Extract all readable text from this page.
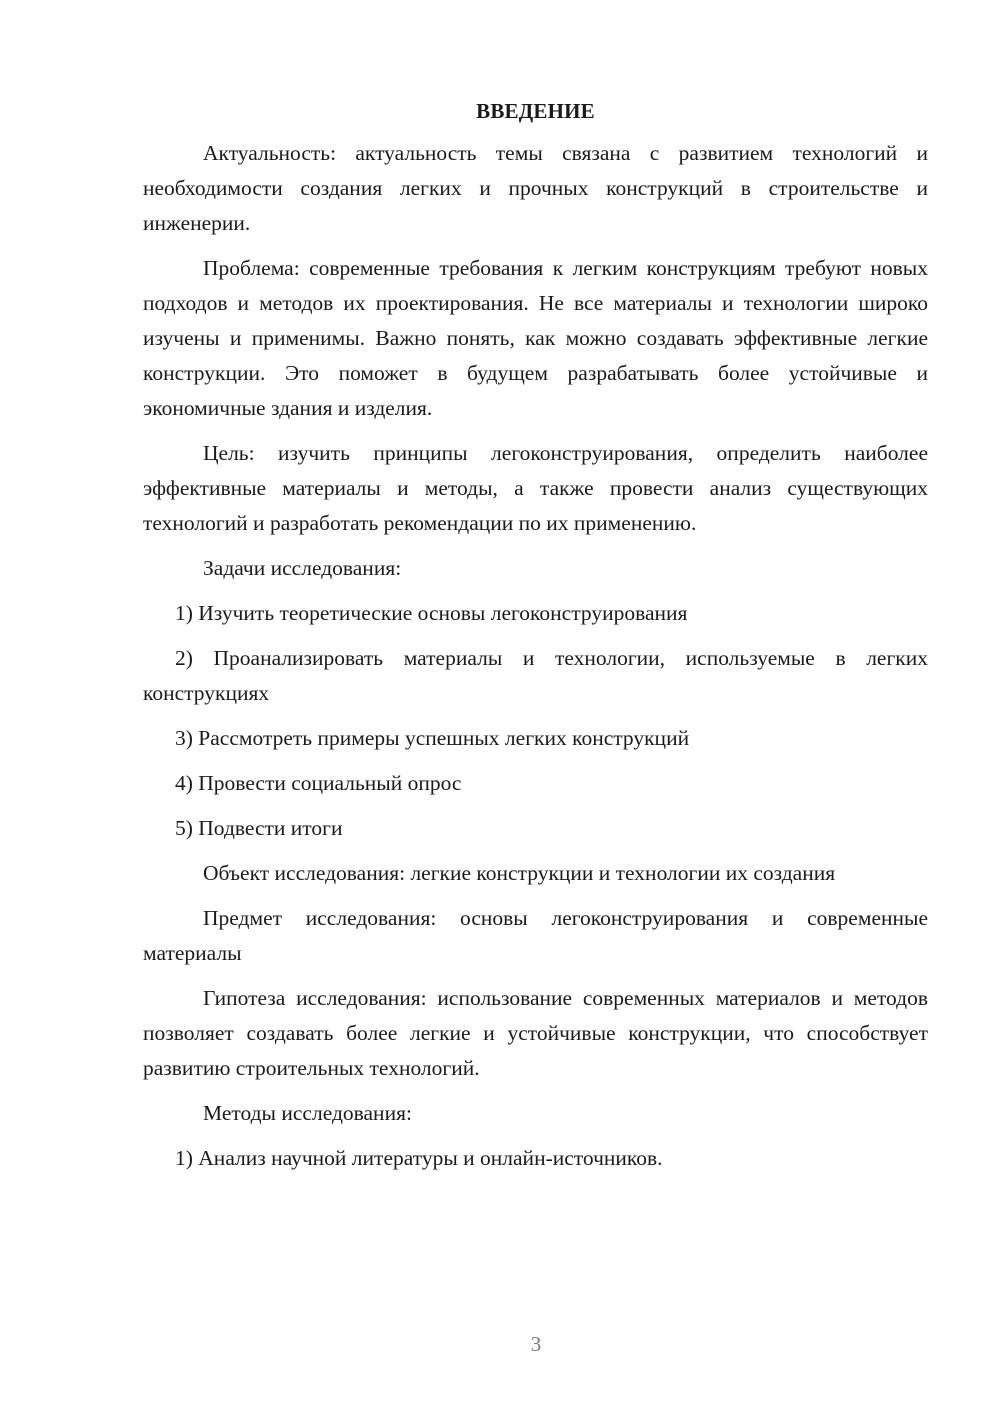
ВВЕДЕНИЕ

Актуальность: актуальность темы связана с развитием технологий и необходимости создания легких и прочных конструкций в строительстве и инженерии.

Проблема: современные требования к легким конструкциям требуют новых подходов и методов их проектирования. Не все материалы и технологии широко изучены и применимы. Важно понять, как можно создавать эффективные легкие конструкции. Это поможет в будущем разрабатывать более устойчивые и экономичные здания и изделия.

Цель: изучить принципы легоконструирования, определить наиболее эффективные материалы и методы, а также провести анализ существующих технологий и разработать рекомендации по их применению.

Задачи исследования:

1) Изучить теоретические основы легоконструирования

2) Проанализировать материалы и технологии, используемые в легких конструкциях

3) Рассмотреть примеры успешных легких конструкций

4) Провести социальный опрос

5) Подвести итоги

Объект исследования: легкие конструкции и технологии их создания

Предмет исследования: основы легоконструирования и современные материалы

Гипотеза исследования: использование современных материалов и методов позволяет создавать более легкие и устойчивые конструкции, что способствует развитию строительных технологий.

Методы исследования:

1) Анализ научной литературы и онлайн-источников.

3
